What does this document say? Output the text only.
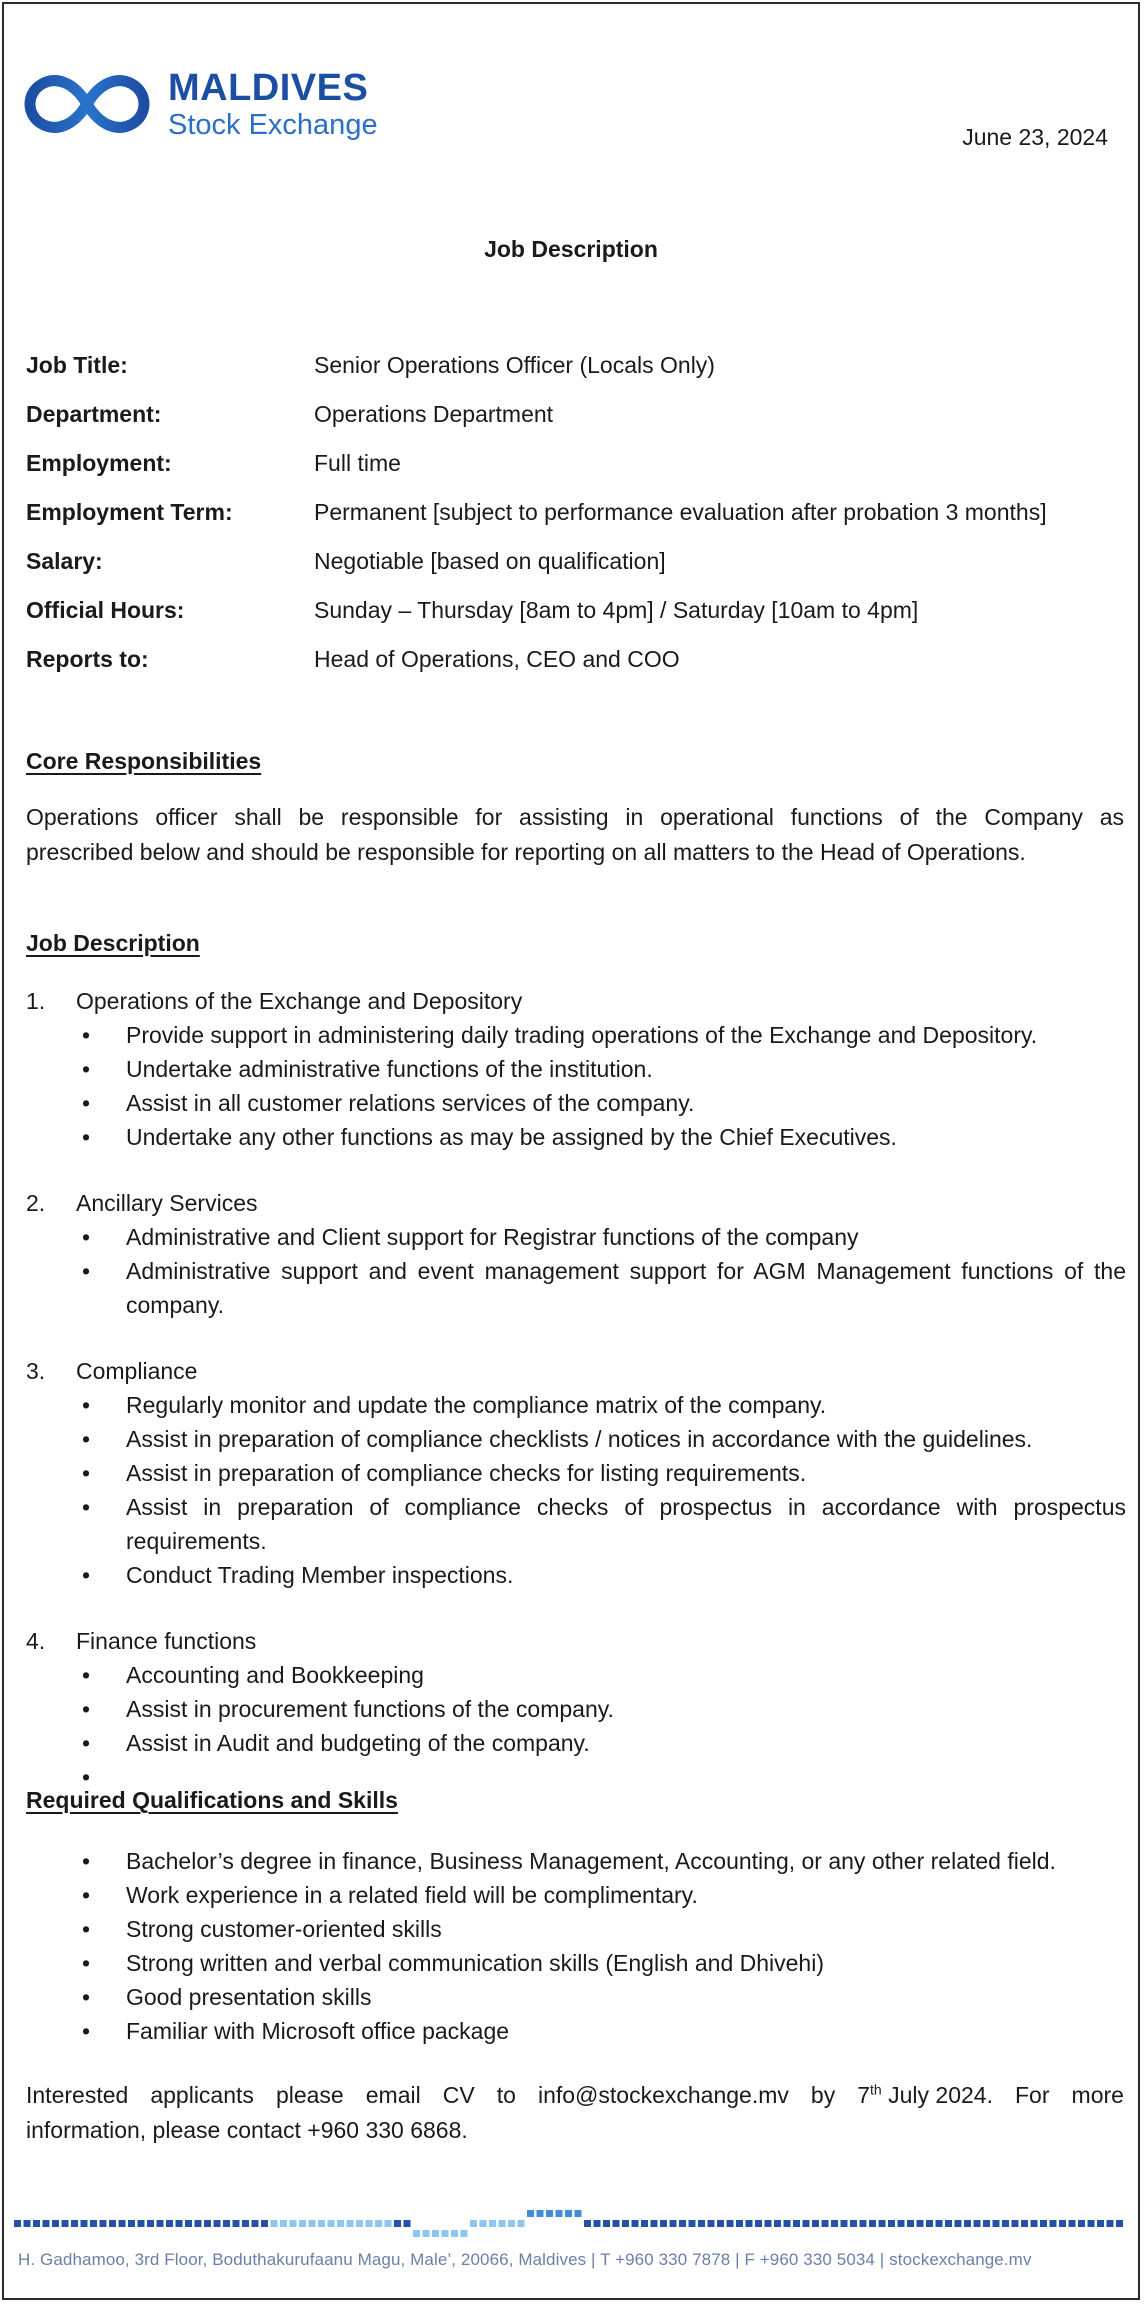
MALDIVES
Stock Exchange	June 23, 2024
Job Description
Job Title:	Senior Operations Officer (Locals Only)
Department:	Operations Department
Employment:	Full time
Employment Term:	Permanent [subject to performance evaluation after probation 3 months]
Salary:	Negotiable [based on qualification]
Official Hours:	Sunday – Thursday [8am to 4pm] / Saturday [10am to 4pm]
Reports to:	Head of Operations, CEO and COO
Core Responsibilities
Operations officer shall be responsible for assisting in operational functions of the Company as
prescribed below and should be responsible for reporting on all matters to the Head of Operations.
Job Description
1.	Operations of the Exchange and Depository
• Provide support in administering daily trading operations of the Exchange and Depository.
• Undertake administrative functions of the institution.
• Assist in all customer relations services of the company.
• Undertake any other functions as may be assigned by the Chief Executives.
2.	Ancillary Services
• Administrative and Client support for Registrar functions of the company
• Administrative support and event management support for AGM Management functions of the company.
3.	Compliance
• Regularly monitor and update the compliance matrix of the company.
• Assist in preparation of compliance checklists / notices in accordance with the guidelines.
• Assist in preparation of compliance checks for listing requirements.
• Assist in preparation of compliance checks of prospectus in accordance with prospectus requirements.
• Conduct Trading Member inspections.
4.	Finance functions
• Accounting and Bookkeeping
• Assist in procurement functions of the company.
• Assist in Audit and budgeting of the company.
•
Required Qualifications and Skills
• Bachelor’s degree in finance, Business Management, Accounting, or any other related field.
• Work experience in a related field will be complimentary.
• Strong customer-oriented skills
• Strong written and verbal communication skills (English and Dhivehi)
• Good presentation skills
• Familiar with Microsoft office package
Interested applicants please email CV to info@stockexchange.mv by 7th July 2024. For more
information, please contact +960 330 6868.
H. Gadhamoo, 3rd Floor, Boduthakurufaanu Magu, Male’, 20066, Maldives | T +960 330 7878 | F +960 330 5034 | stockexchange.mv
